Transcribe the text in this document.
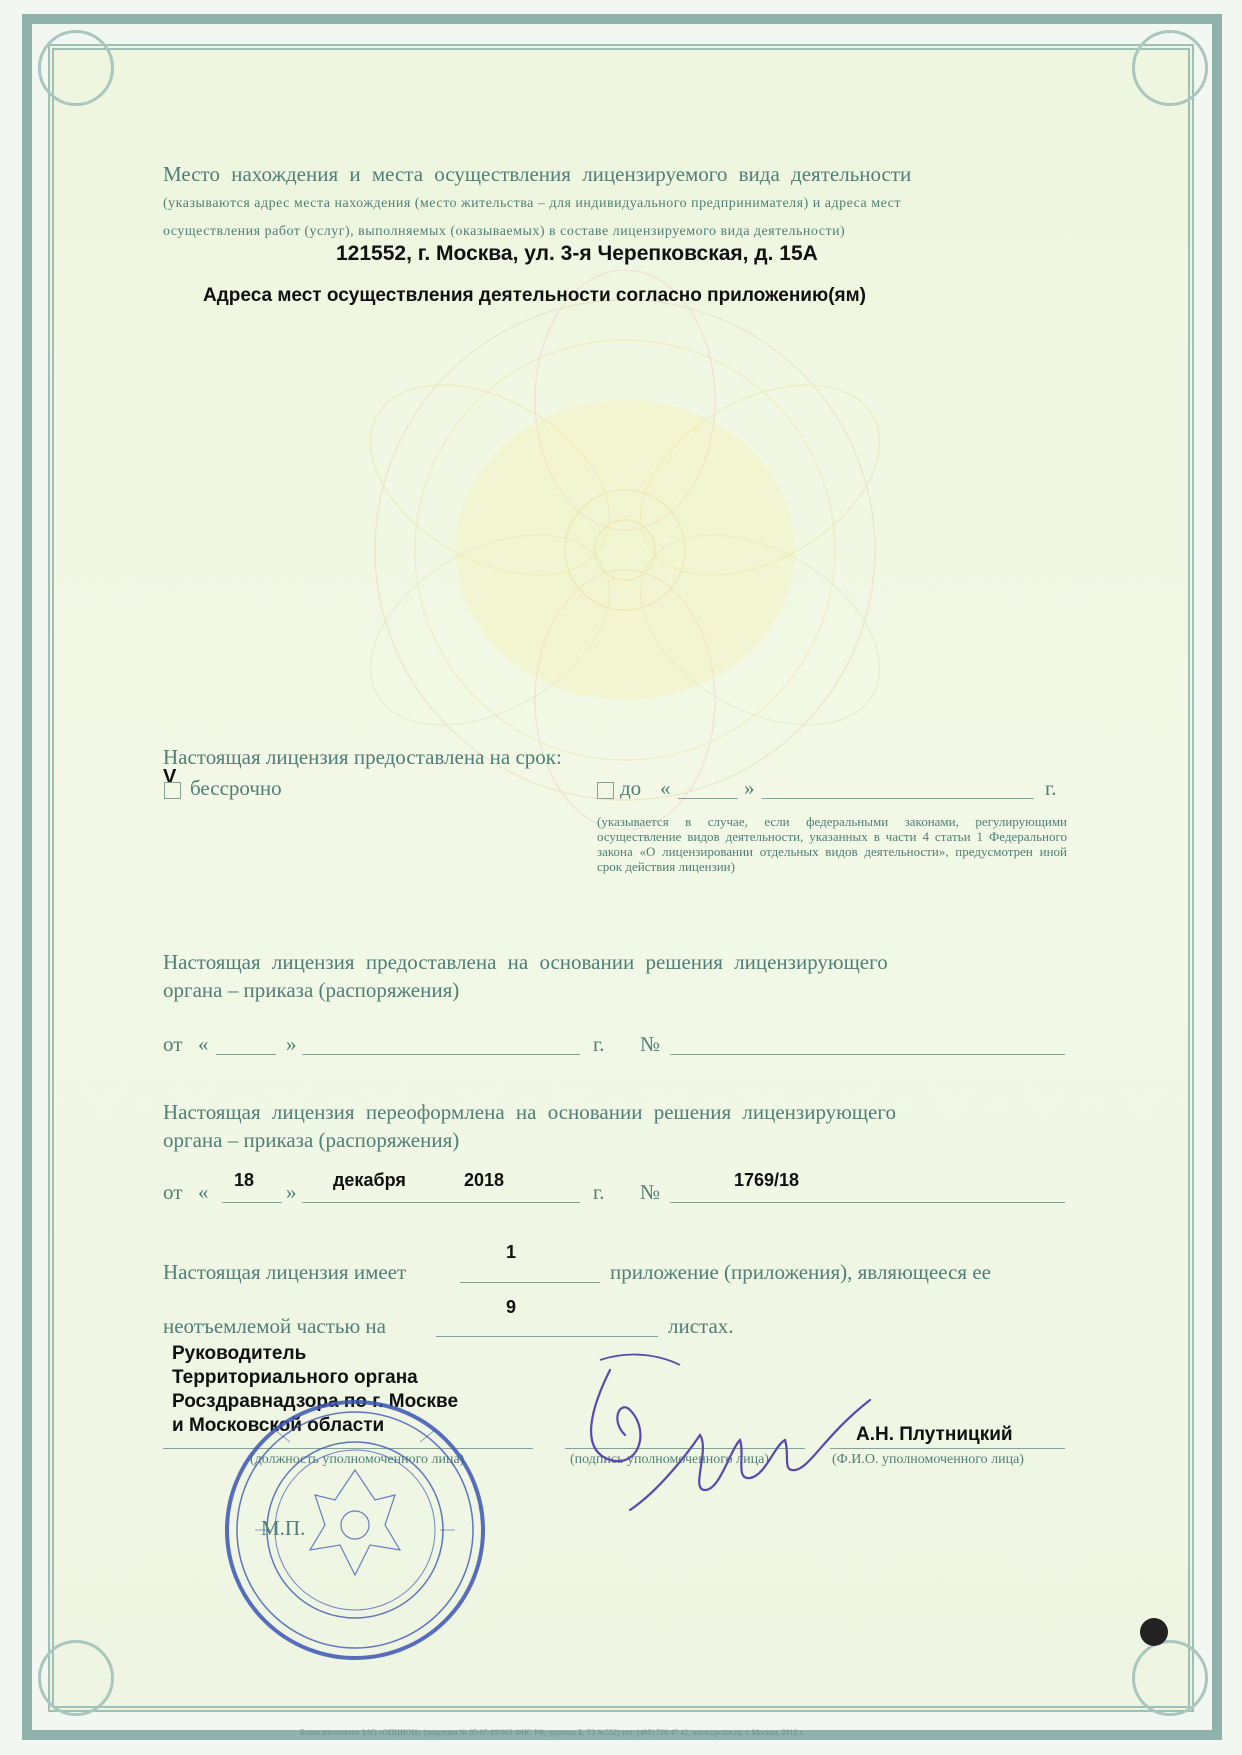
Место нахождения и места осуществления лицензируемого вида деятельности
(указываются адрес места нахождения (место жительства – для индивидуального предпринимателя) и адреса мест
осуществления работ (услуг), выполняемых (оказываемых) в составе лицензируемого вида деятельности)
121552, г. Москва, ул. 3-я Черепковская, д. 15А
Адреса мест осуществления деятельности согласно приложению(ям)
Настоящая лицензия предоставлена на срок:
V бессрочно	до «	»	г.
(указывается в случае, если федеральными законами, регулирующими осуществление видов деятельности, указанных в части 4 статьи 1 Федерального закона «О лицензировании отдельных видов деятельности», предусмотрен иной срок действия лицензии)
Настоящая лицензия предоставлена на основании решения лицензирующего
органа – приказа (распоряжения)
от «	»	г. №
Настоящая лицензия переоформлена на основании решения лицензирующего
органа – приказа (распоряжения)
от « 18 » декабря	2018	г. №	1769/18
1
Настоящая лицензия имеет	приложение (приложения), являющееся ее
9
неотъемлемой частью на	листах.
Руководитель
Территориального органа
Росздравнадзора по г. Москве
и Московской области	А.Н. Плутницкий
(должность уполномоченного лица)	(подпись уполномоченного лица)	(Ф.И.О. уполномоченного лица)
М.П.
Бланк изготовлен ЗАО «ОПЦИОН» (лицензия № 05-05-09/003 ФНС РФ, уровень Б, Т3 №552) тел. (495) 726 47 42, www.opcion.ru, г. Москва, 2012 г.
